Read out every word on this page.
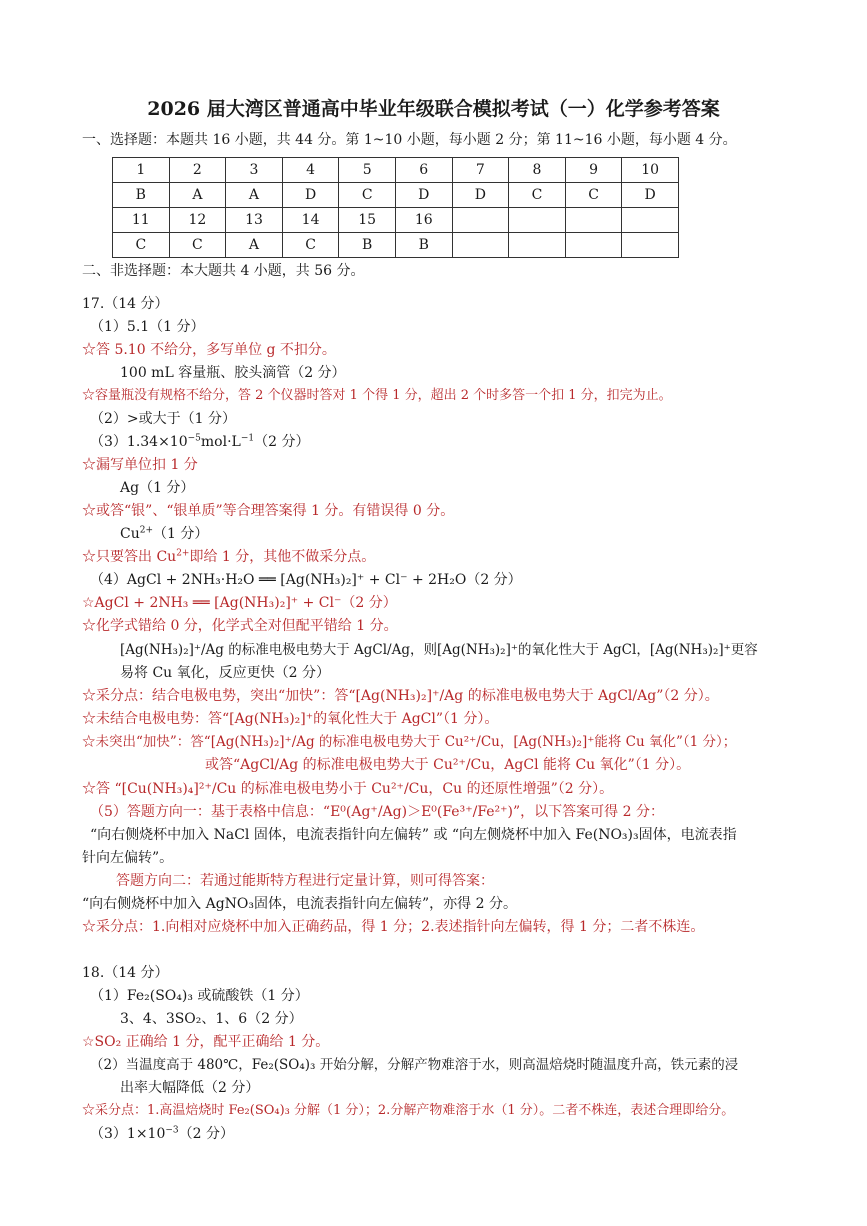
2026 届大湾区普通高中毕业年级联合模拟考试（一）化学参考答案
一、选择题：本题共 16 小题，共 44 分。第 1~10 小题，每小题 2 分；第 11~16 小题，每小题 4 分。
1	2	3	4	5	6	7	8	9	10
B	A	A	D	C	D	D	C	C	D
11	12	13	14	15	16				
C	C	A	C	B	B				
二、非选择题：本大题共 4 小题，共 56 分。
17.（14 分）
（1）5.1（1 分）
☆答 5.10 不给分，多写单位 g 不扣分。
100 mL 容量瓶、胶头滴管（2 分）
☆容量瓶没有规格不给分，答 2 个仪器时答对 1 个得 1 分，超出 2 个时多答一个扣 1 分，扣完为止。
（2）>或大于（1 分）
$(3)1.34\times 10^{-5}mol\cdot L^{-1}(2$ 分）
☆漏写单位扣 1 分
Ag（1 分）
☆或答“银”、“银单质”等合理答案得 1 分。有错误得 0 分。
$Cu^{2+}(1$ 分）
☆只要答出 $Cu^{2+}$即给 1 分，其他不做采分点。
（4）AgCl + 2NH₃·H₂O ══ [Ag(NH₃)₂]⁺ + Cl⁻ + 2H₂O（2 分）
☆AgCl + 2NH₃ ══ [Ag(NH₃)₂]⁺ + Cl⁻（2 分）
☆化学式错给 0 分，化学式全对但配平错给 1 分。
[Ag(NH₃)₂]⁺/Ag 的标准电极电势大于 AgCl/Ag，则[Ag(NH₃)₂]⁺的氧化性大于 AgCl，[Ag(NH₃)₂]⁺更容
易将 Cu 氧化，反应更快（2 分）
☆采分点：结合电极电势，突出“加快”：答“[Ag(NH₃)₂]⁺/Ag 的标准电极电势大于 AgCl/Ag”（2 分）。
☆未结合电极电势：答“[Ag(NH₃)₂]⁺的氧化性大于 AgCl”（1 分）。
☆未突出“加快”：答“[Ag(NH₃)₂]⁺/Ag 的标准电极电势大于 Cu²⁺/Cu，[Ag(NH₃)₂]⁺能将 Cu 氧化”（1 分）；
或答“AgCl/Ag 的标准电极电势大于 Cu²⁺/Cu，AgCl 能将 Cu 氧化”（1 分）。
☆答 “[Cu(NH₃)₄]²⁺/Cu 的标准电极电势小于 Cu²⁺/Cu，Cu 的还原性增强”（2 分）。
（5）答题方向一：基于表格中信息：“E⁰(Ag⁺/Ag)＞E⁰(Fe³⁺/Fe²⁺)”，以下答案可得 2 分：
“向右侧烧杯中加入 NaCl 固体，电流表指针向左偏转” 或 “向左侧烧杯中加入 Fe(NO₃)₃固体，电流表指
针向左偏转”。
答题方向二：若通过能斯特方程进行定量计算，则可得答案：
“向右侧烧杯中加入 AgNO₃固体，电流表指针向左偏转”，亦得 2 分。
☆采分点：1.向相对应烧杯中加入正确药品，得 1 分；2.表述指针向左偏转，得 1 分；二者不株连。
18.（14 分）
（1）Fe₂(SO₄)₃ 或硫酸铁（1 分）
3、4、3SO₂、1、6（2 分）
☆SO₂ 正确给 1 分，配平正确给 1 分。
（2）当温度高于 480℃，Fe₂(SO₄)₃ 开始分解，分解产物难溶于水，则高温焙烧时随温度升高，铁元素的浸
出率大幅降低（2 分）
☆采分点：1.高温焙烧时 Fe₂(SO₄)₃ 分解（1 分）；2.分解产物难溶于水（1 分）。二者不株连，表述合理即给分。
$(3)1\times 10^{-3}(2$ 分）
